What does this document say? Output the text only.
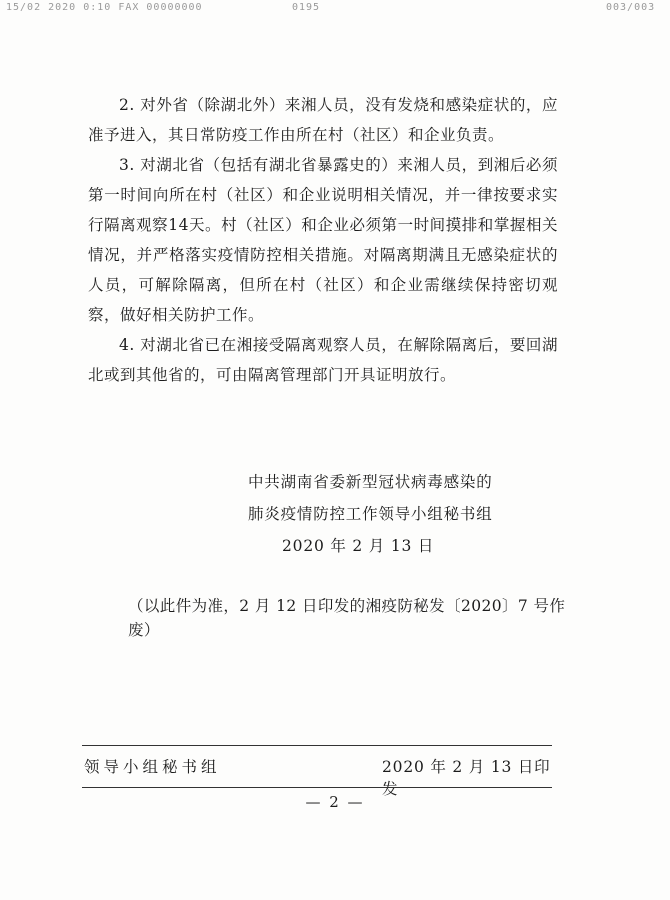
15/02 2020 0:10 FAX 00000000	0195	003/003

2. 对外省（除湖北外）来湘人员，没有发烧和感染症状的，应准予进入，其日常防疫工作由所在村（社区）和企业负责。

3. 对湖北省（包括有湖北省暴露史的）来湘人员，到湘后必须第一时间向所在村（社区）和企业说明相关情况，并一律按要求实行隔离观察14天。村（社区）和企业必须第一时间摸排和掌握相关情况，并严格落实疫情防控相关措施。对隔离期满且无感染症状的人员，可解除隔离，但所在村（社区）和企业需继续保持密切观察，做好相关防护工作。

4. 对湖北省已在湘接受隔离观察人员，在解除隔离后，要回湖北或到其他省的，可由隔离管理部门开具证明放行。

中共湖南省委新型冠状病毒感染的
肺炎疫情防控工作领导小组秘书组
2020 年 2 月 13 日
（以此件为准，2 月 12 日印发的湘疫防秘发〔2020〕7 号作废）
领导小组秘书组	2020 年 2 月 13 日印发
— 2 —
